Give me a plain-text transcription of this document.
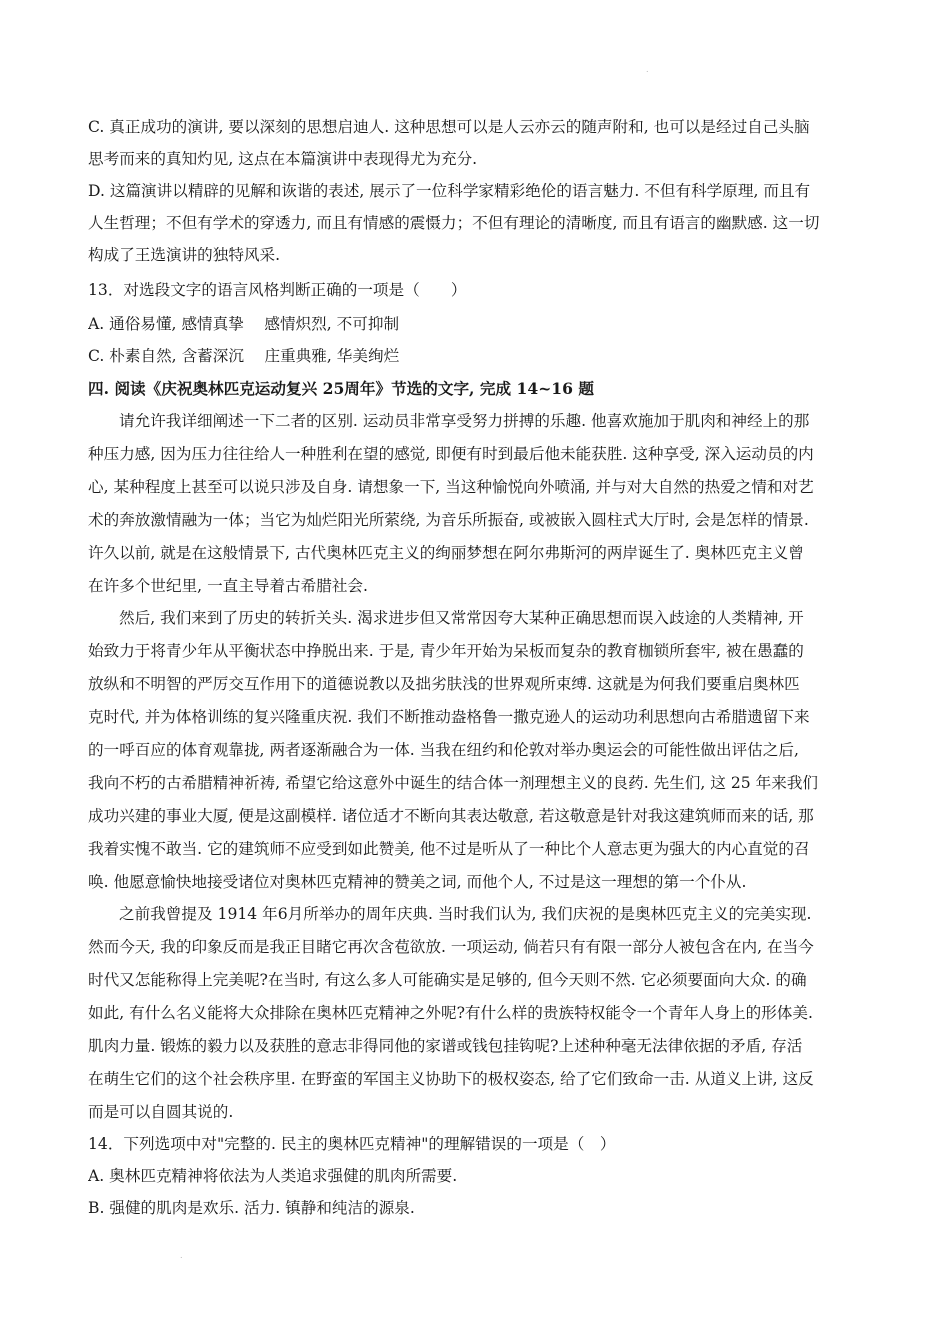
.
C. 真正成功的演讲, 要以深刻的思想启迪人. 这种思想可以是人云亦云的随声附和, 也可以是经过自己头脑
思考而来的真知灼见, 这点在本篇演讲中表现得尤为充分.
D. 这篇演讲以精辟的见解和诙谐的表述, 展示了一位科学家精彩绝伦的语言魅力. 不但有科学原理, 而且有
人生哲理；不但有学术的穿透力, 而且有情感的震慑力；不但有理论的清晰度, 而且有语言的幽默感. 这一切
构成了王选演讲的独特风采.
13．对选段文字的语言风格判断正确的一项是（　　）
A. 通俗易懂, 感情真挚　 感情炽烈, 不可抑制
C. 朴素自然, 含蓄深沉　 庄重典雅, 华美绚烂
四. 阅读《庆祝奥林匹克运动复兴 25周年》节选的文字, 完成 14~16 题
请允许我详细阐述一下二者的区别. 运动员非常享受努力拼搏的乐趣. 他喜欢施加于肌肉和神经上的那
种压力感, 因为压力往往给人一种胜利在望的感觉, 即便有时到最后他未能获胜. 这种享受, 深入运动员的内
心, 某种程度上甚至可以说只涉及自身. 请想象一下, 当这种愉悦向外喷涌, 并与对大自然的热爱之情和对艺
术的奔放激情融为一体；当它为灿烂阳光所萦绕, 为音乐所振奋, 或被嵌入圆柱式大厅时, 会是怎样的情景.
许久以前, 就是在这般情景下, 古代奥林匹克主义的绚丽梦想在阿尔弗斯河的两岸诞生了. 奥林匹克主义曾
在许多个世纪里, 一直主导着古希腊社会.
然后, 我们来到了历史的转折关头. 渴求进步但又常常因夸大某种正确思想而误入歧途的人类精神, 开
始致力于将青少年从平衡状态中挣脱出来. 于是, 青少年开始为呆板而复杂的教育枷锁所套牢, 被在愚蠢的
放纵和不明智的严厉交互作用下的道德说教以及拙劣肤浅的世界观所束缚. 这就是为何我们要重启奥林匹
克时代, 并为体格训练的复兴隆重庆祝. 我们不断推动盎格鲁一撒克逊人的运动功利思想向古希腊遗留下来
的一呼百应的体育观靠拢, 两者逐渐融合为一体. 当我在纽约和伦敦对举办奥运会的可能性做出评估之后,
我向不朽的古希腊精神祈祷, 希望它给这意外中诞生的结合体一剂理想主义的良药. 先生们, 这 25 年来我们
成功兴建的事业大厦, 便是这副模样. 诸位适才不断向其表达敬意, 若这敬意是针对我这建筑师而来的话, 那
我着实愧不敢当. 它的建筑师不应受到如此赞美, 他不过是听从了一种比个人意志更为强大的内心直觉的召
唤. 他愿意愉快地接受诸位对奥林匹克精神的赞美之词, 而他个人, 不过是这一理想的第一个仆从.
之前我曾提及 1914 年6月所举办的周年庆典. 当时我们认为, 我们庆祝的是奥林匹克主义的完美实现.
然而今天, 我的印象反而是我正目睹它再次含苞欲放. 一项运动, 倘若只有有限一部分人被包含在内, 在当今
时代又怎能称得上完美呢?在当时, 有这么多人可能确实是足够的, 但今天则不然. 它必须要面向大众. 的确
如此, 有什么名义能将大众排除在奥林匹克精神之外呢?有什么样的贵族特权能令一个青年人身上的形体美.
肌肉力量. 锻炼的毅力以及获胜的意志非得同他的家谱或钱包挂钩呢?上述种种毫无法律依据的矛盾, 存活
在萌生它们的这个社会秩序里. 在野蛮的军国主义协助下的极权姿态, 给了它们致命一击. 从道义上讲, 这反
而是可以自圆其说的.
14．下列选项中对"完整的. 民主的奥林匹克精神"的理解错误的一项是（　）
A. 奥林匹克精神将依法为人类追求强健的肌肉所需要.
B. 强健的肌肉是欢乐. 活力. 镇静和纯洁的源泉.
.
